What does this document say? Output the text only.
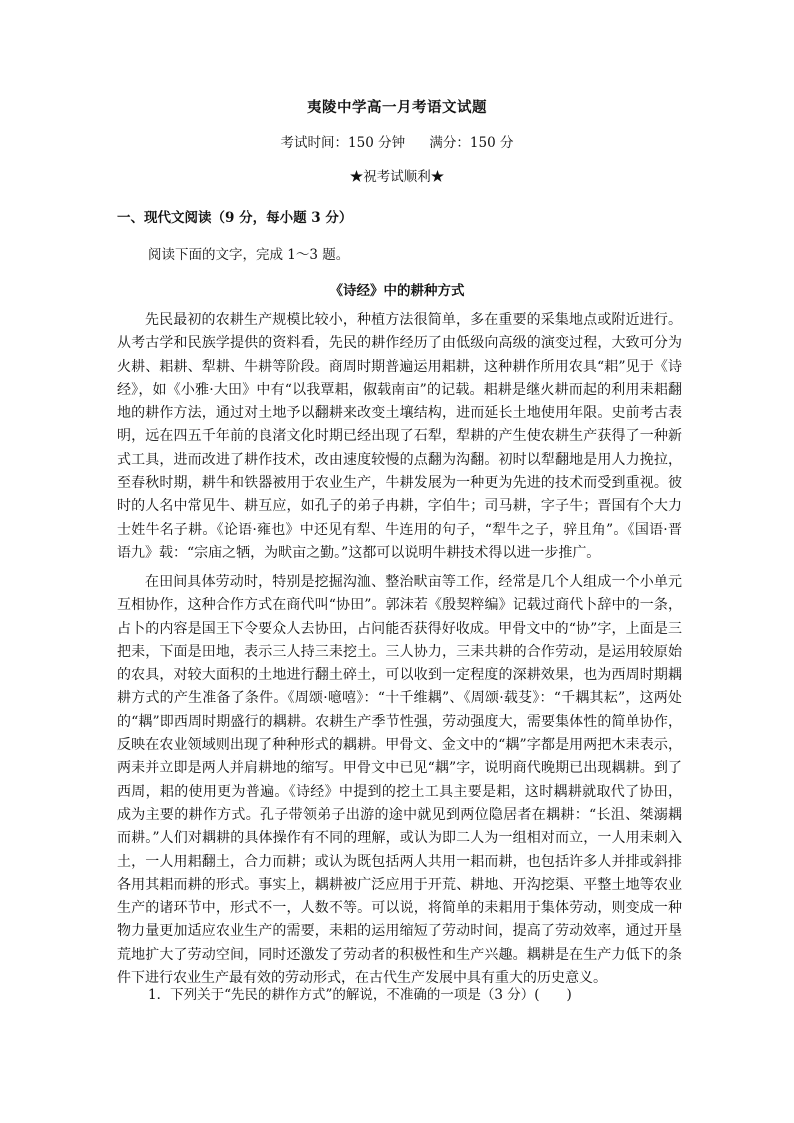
夷陵中学高一月考语文试题
考试时间：150 分钟 满分：150 分
★祝考试顺利★
一、现代文阅读（9 分，每小题 3 分）
阅读下面的文字，完成 1～3 题。
《诗经》中的耕种方式

先民最初的农耕生产规模比较小，种植方法很简单，多在重要的采集地点或附近进行。从考古学和民族学提供的资料看，先民的耕作经历了由低级向高级的演变过程，大致可分为火耕、耜耕、犁耕、牛耕等阶段。商周时期普遍运用耜耕，这种耕作所用农具“耜”见于《诗经》，如《小雅·大田》中有“以我覃耜，俶载南亩”的记载。耜耕是继火耕而起的利用耒耜翻地的耕作方法，通过对土地予以翻耕来改变土壤结构，进而延长土地使用年限。史前考古表明，远在四五千年前的良渚文化时期已经出现了石犁，犁耕的产生使农耕生产获得了一种新式工具，进而改进了耕作技术，改由速度较慢的点翻为沟翻。初时以犁翻地是用人力挽拉，至春秋时期，耕牛和铁器被用于农业生产，牛耕发展为一种更为先进的技术而受到重视。彼时的人名中常见牛、耕互应，如孔子的弟子冉耕，字伯牛；司马耕，字子牛；晋国有个大力士姓牛名子耕。《论语·雍也》中还见有犁、牛连用的句子，“犁牛之子，骍且角”。《国语·晋语九》载：“宗庙之牺，为畎亩之勤。”这都可以说明牛耕技术得以进一步推广。

在田间具体劳动时，特别是挖掘沟洫、整治畎亩等工作，经常是几个人组成一个小单元互相协作，这种合作方式在商代叫“协田”。郭沫若《殷契粹编》记载过商代卜辞中的一条，占卜的内容是国王下令要众人去协田，占问能否获得好收成。甲骨文中的“协”字，上面是三把耒，下面是田地，表示三人持三耒挖土。三人协力，三耒共耕的合作劳动，是运用较原始的农具，对较大面积的土地进行翻土碎土，可以收到一定程度的深耕效果，也为西周时期耦耕方式的产生准备了条件。《周颂·噫嘻》：“十千维耦”、《周颂·载芟》：“千耦其耘”，这两处的“耦”即西周时期盛行的耦耕。农耕生产季节性强，劳动强度大，需要集体性的简单协作，反映在农业领域则出现了种种形式的耦耕。甲骨文、金文中的“耦”字都是用两把木耒表示，两耒并立即是两人并肩耕地的缩写。甲骨文中已见“耦”字，说明商代晚期已出现耦耕。到了西周，耜的使用更为普遍。《诗经》中提到的挖土工具主要是耜，这时耦耕就取代了协田，成为主要的耕作方式。孔子带领弟子出游的途中就见到两位隐居者在耦耕：“长沮、桀溺耦而耕。”人们对耦耕的具体操作有不同的理解，或认为即二人为一组相对而立，一人用耒刺入土，一人用耜翻土，合力而耕；或认为既包括两人共用一耜而耕，也包括许多人并排或斜排各用其耜而耕的形式。事实上，耦耕被广泛应用于开荒、耕地、开沟挖渠、平整土地等农业生产的诸环节中，形式不一，人数不等。可以说，将简单的耒耜用于集体劳动，则变成一种物力量更加适应农业生产的需要，耒耜的运用缩短了劳动时间，提高了劳动效率，通过开垦荒地扩大了劳动空间，同时还激发了劳动者的积极性和生产兴趣。耦耕是在生产力低下的条件下进行农业生产最有效的劳动形式，在古代生产发展中具有重大的历史意义。

1．下列关于“先民的耕作方式”的解说，不准确的一项是（3 分）(　　)
